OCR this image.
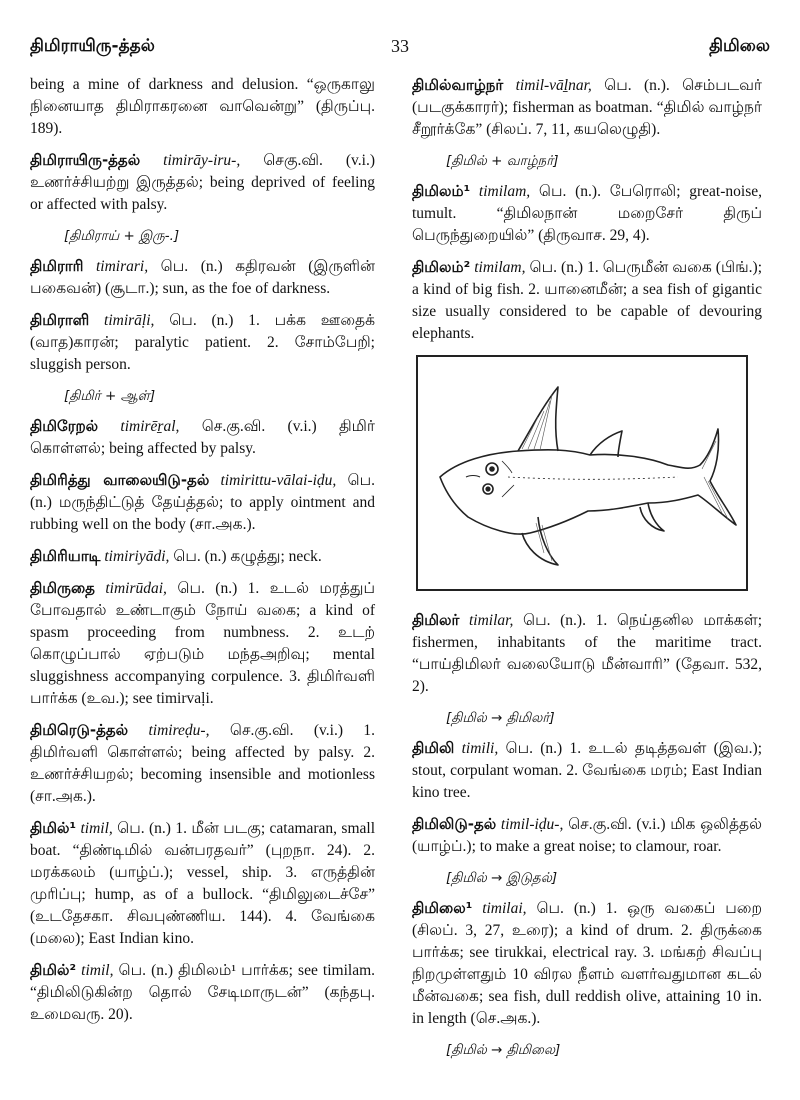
திமிராயிரு-த்தல்	33	திமிலை
being a mine of darkness and delusion. “ஒருகாலு நினையாத திமிராகரனை வாவென்று” (திருப்பு. 189).
திமிராயிரு-த்தல் timirāy-iru-, செகு.வி. (v.i.) உணர்ச்சியற்று இருத்தல்; being deprived of feeling or affected with palsy.
[திமிராய் + இரு-.]
திமிராரி timirari, பெ. (n.) கதிரவன் (இருளின் பகைவன்) (சூடா.); sun, as the foe of darkness.
திமிராளி timirāḷi, பெ. (n.) 1. பக்க ஊதைக் (வாத)காரன்; paralytic patient. 2. சோம்பேறி; sluggish person.
[திமிர் + ஆள்]
திமிரேறல் timirēṟal, செ.கு.வி. (v.i.) திமிர் கொள்ளல்; being affected by palsy.
திமிரித்து வாலையிடு-தல் timirittu-vālai-iḍu, பெ. (n.) மருந்திட்டுத் தேய்த்தல்; to apply ointment and rubbing well on the body (சா.அக.).
திமிரியாடி timiriyādi, பெ. (n.) கழுத்து; neck.
திமிருதை timirūdai, பெ. (n.) 1. உடல் மரத்துப் போவதால் உண்டாகும் நோய் வகை; a kind of spasm proceeding from numbness. 2. உடற் கொழுப்பால் ஏற்படும் மந்தஅறிவு; mental sluggishness accompanying corpulence. 3. திமிர்வளி பார்க்க (உவ.); see timirvaḷi.
திமிரெடு-த்தல் timireḍu-, செ.கு.வி. (v.i.) 1. திமிர்வளி கொள்ளல்; being affected by palsy. 2. உணர்ச்சியறல்; becoming insensible and motionless (சா.அக.).
திமில்¹ timil, பெ. (n.) 1. மீன் படகு; catamaran, small boat. “திண்டிமில் வன்பரதவர்” (புறநா. 24). 2. மரக்கலம் (யாழ்ப்.); vessel, ship. 3. எருத்தின் முரிப்பு; hump, as of a bullock. “திமிலுடைச்சே” (உடதேசகா. சிவபுண்ணிய. 144). 4. வேங்கை (மலை); East Indian kino.
திமில்² timil, பெ. (n.) திமிலம்¹ பார்க்க; see timilam. “திமிலிடுகின்ற தொல் சேடிமாருடன்” (கந்தபு. உமைவரு. 20).
திமில்வாழ்நர் timil-vāḻnar, பெ. (n.). செம்படவர் (படகுக்காரர்); fisherman as boatman. “திமில் வாழ்நர் சீறூர்க்கே” (சிலப். 7, 11, கயலெழுதி).
[திமில் + வாழ்நர்]
திமிலம்¹ timilam, பெ. (n.). பேரொலி; great-noise, tumult. “திமிலநான் மறைசேர் திருப் பெருந்துறையில்” (திருவாச. 29, 4).
திமிலம்² timilam, பெ. (n.) 1. பெருமீன் வகை (பிங்.); a kind of big fish. 2. யானைமீன்; a sea fish of gigantic size usually considered to be capable of devouring elephants.
திமிலர் timilar, பெ. (n.). 1. நெய்தனில மாக்கள்; fishermen, inhabitants of the maritime tract. “பாய்திமிலர் வலையோடு மீன்வாரி” (தேவா. 532, 2).
[திமில் → திமிலர்]
திமிலி timili, பெ. (n.) 1. உடல் தடித்தவள் (இவ.); stout, corpulant woman. 2. வேங்கை மரம்; East Indian kino tree.
திமிலிடு-தல் timil-iḍu-, செ.கு.வி. (v.i.) மிக ஒலித்தல் (யாழ்ப்.); to make a great noise; to clamour, roar.
[திமில் → இடுதல்]
திமிலை¹ timilai, பெ. (n.) 1. ஒரு வகைப் பறை (சிலப். 3, 27, உரை); a kind of drum. 2. திருக்கை பார்க்க; see tirukkai, electrical ray. 3. மங்கற் சிவப்பு நிறமுள்ளதும் 10 விரல நீளம் வளர்வதுமான கடல் மீன்வகை; sea fish, dull reddish olive, attaining 10 in. in length (செ.அக.).
[திமில் → திமிலை]
